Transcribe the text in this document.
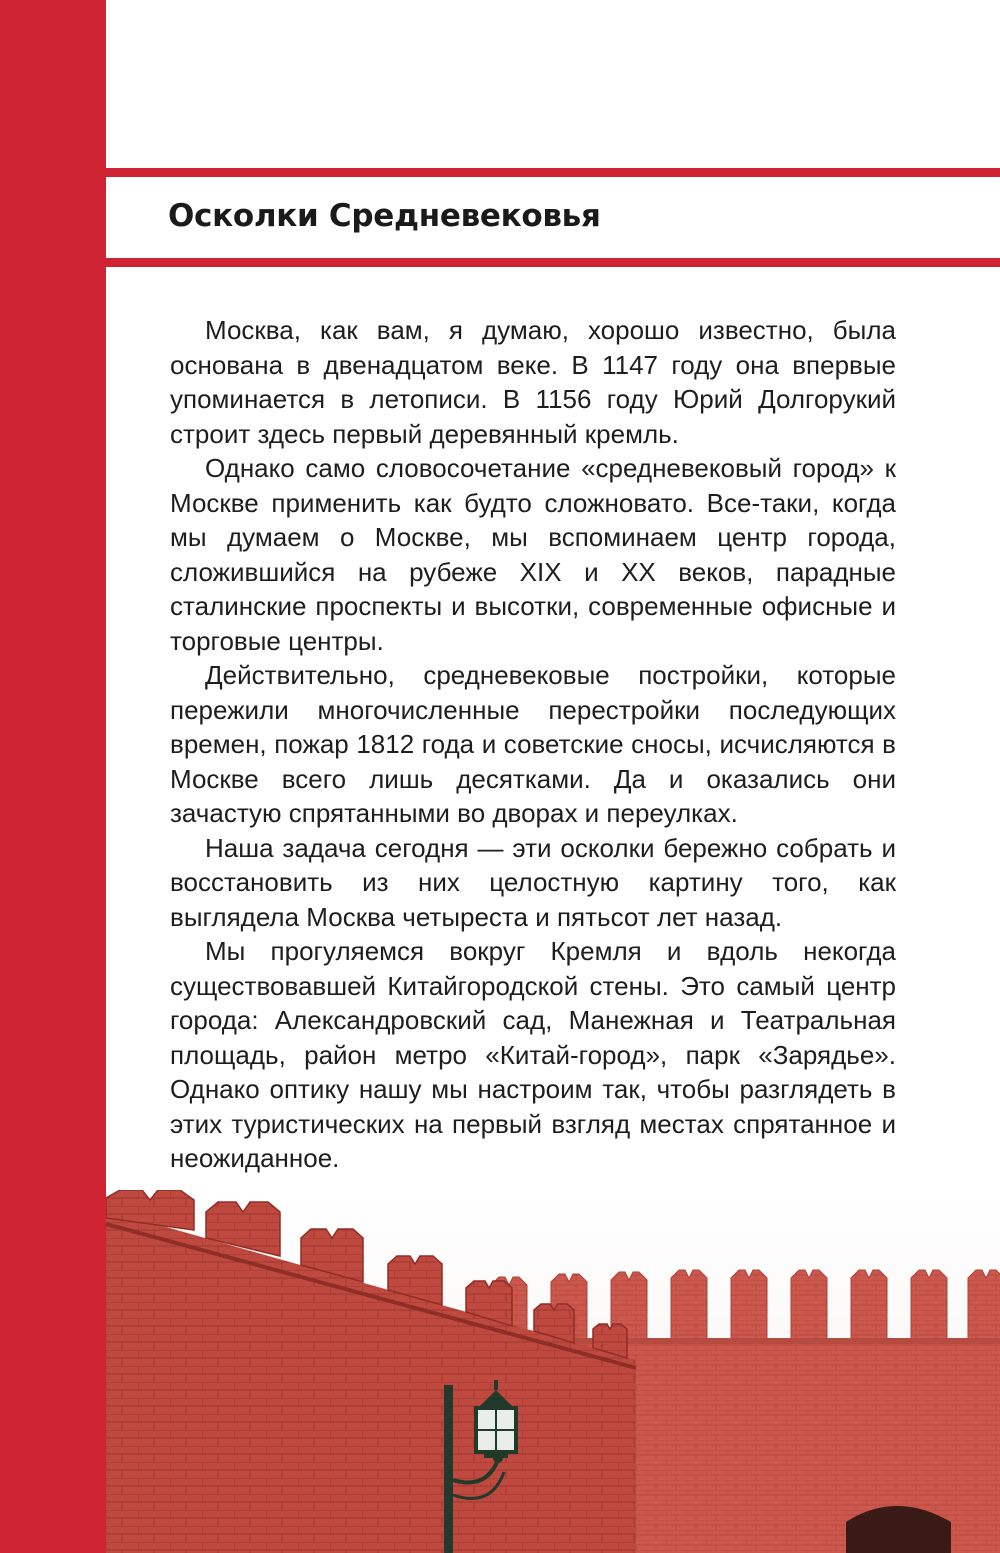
Осколки Средневековья

Москва, как вам, я думаю, хорошо известно, была основана в двенадцатом веке. В 1147 году она впервые упоминается в летописи. В 1156 году Юрий Долгорукий строит здесь первый деревянный кремль.

Однако само словосочетание «средневековый город» к Москве применить как будто сложновато. Все-таки, когда мы думаем о Москве, мы вспоминаем центр города, сложившийся на рубеже XIX и XX веков, парадные сталинские проспекты и высотки, современные офисные и торговые центры.

Действительно, средневековые постройки, которые пережили многочисленные перестройки последующих времен, пожар 1812 года и советские сносы, исчисляются в Москве всего лишь десятками. Да и оказались они зачастую спрятанными во дворах и переулках.

Наша задача сегодня — эти осколки бережно собрать и восстановить из них целостную картину того, как выглядела Москва четыреста и пятьсот лет назад.

Мы прогуляемся вокруг Кремля и вдоль некогда существовавшей Китайгородской стены. Это самый центр города: Александровский сад, Манежная и Театральная площадь, район метро «Китай-город», парк «Зарядье». Однако оптику нашу мы настроим так, чтобы разглядеть в этих туристических на первый взгляд местах спрятанное и неожиданное.
